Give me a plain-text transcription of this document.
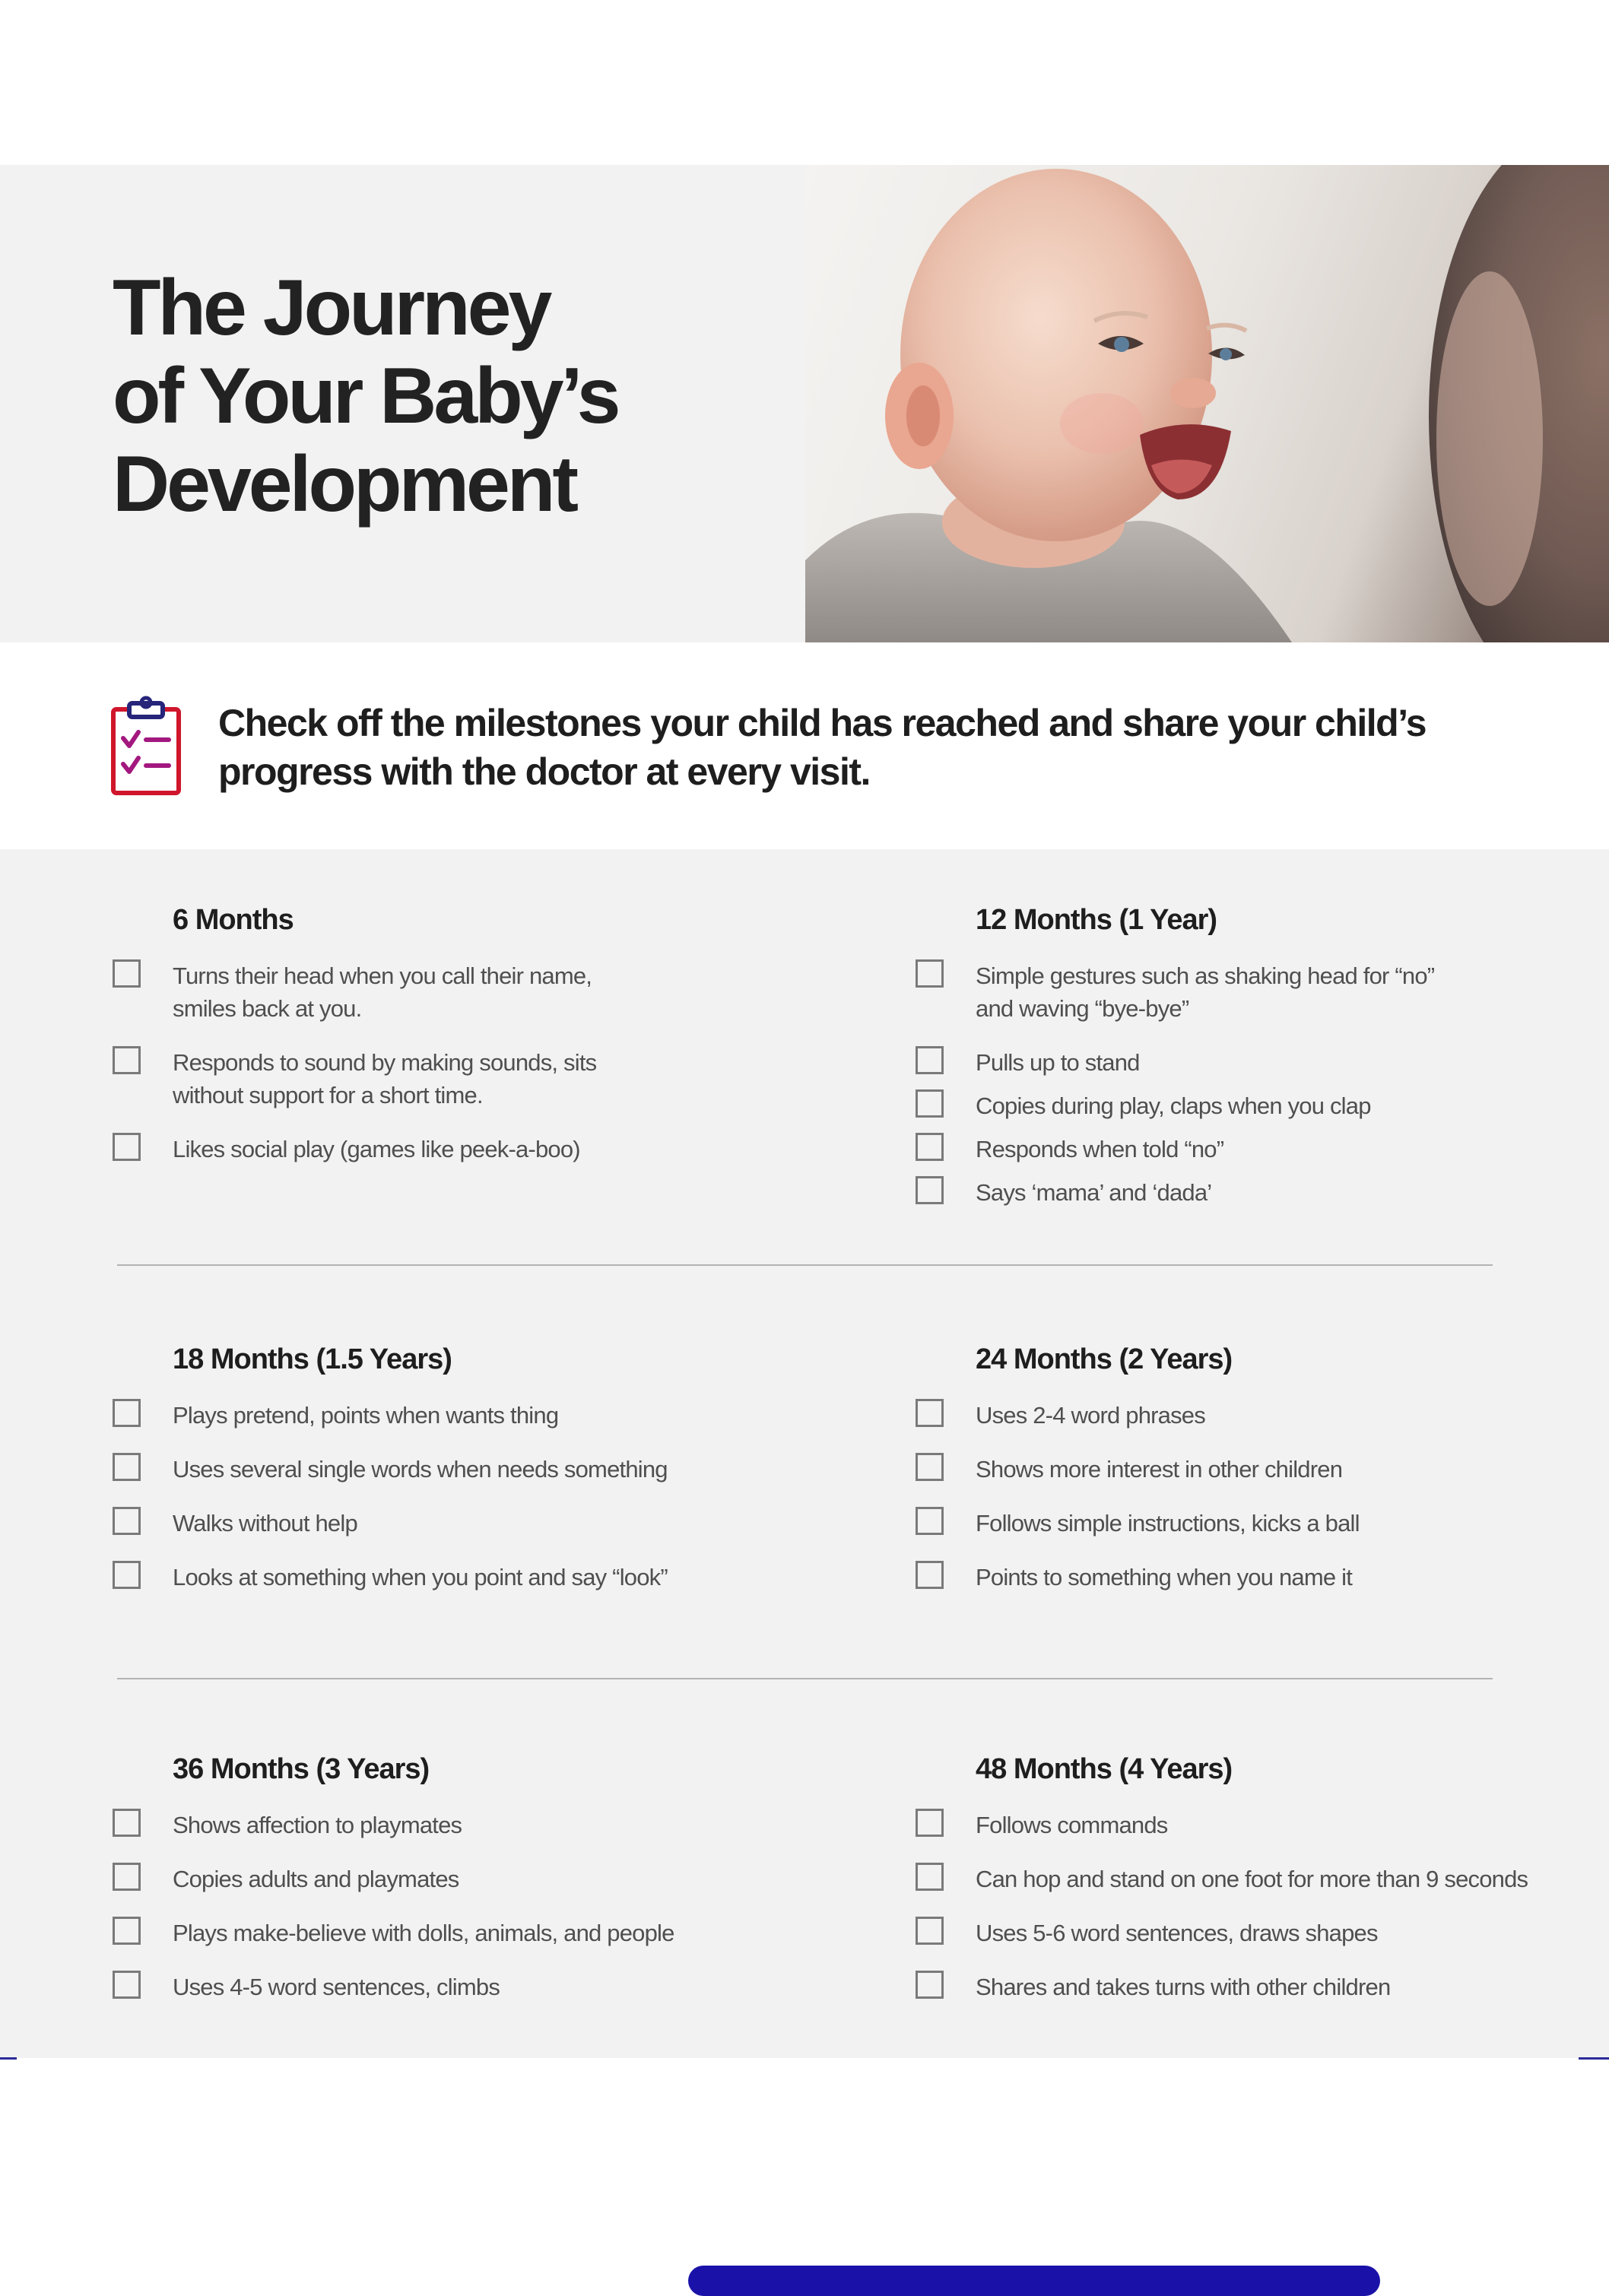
The Journey
of Your Baby’s
Development

Check off the milestones your child has reached and share your child’s progress with the doctor at every visit.

6 Months
Turns their head when you call their name, smiles back at you.
Responds to sound by making sounds, sits without support for a short time.
Likes social play (games like peek-a-boo)
12 Months (1 Year)
Simple gestures such as shaking head for “no” and waving “bye-bye”
Pulls up to stand
Copies during play, claps when you clap
Responds when told “no”
Says ‘mama’ and ‘dada’
18 Months (1.5 Years)
Plays pretend, points when wants thing
Uses several single words when needs something
Walks without help
Looks at something when you point and say “look”
24 Months (2 Years)
Uses 2-4 word phrases
Shows more interest in other children
Follows simple instructions, kicks a ball
Points to something when you name it
36 Months (3 Years)
Shows affection to playmates
Copies adults and playmates
Plays make-believe with dolls, animals, and people
Uses 4-5 word sentences, climbs
48 Months (4 Years)
Follows commands
Can hop and stand on one foot for more than 9 seconds
Uses 5-6 word sentences, draws shapes
Shares and takes turns with other children
